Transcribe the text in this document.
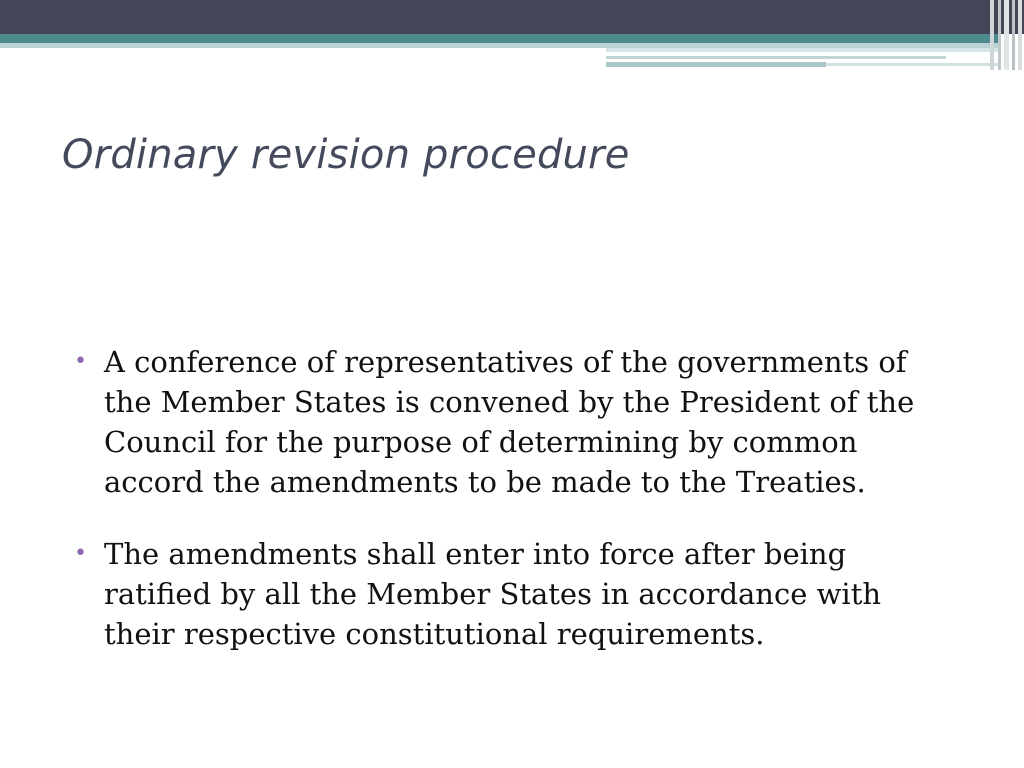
Ordinary revision procedure
• A conference of representatives of the governments of the Member States is convened by the President of the Council for the purpose of determining by common accord the amendments to be made to the Treaties.
• The amendments shall enter into force after being ratified by all the Member States in accordance with their respective constitutional requirements.
